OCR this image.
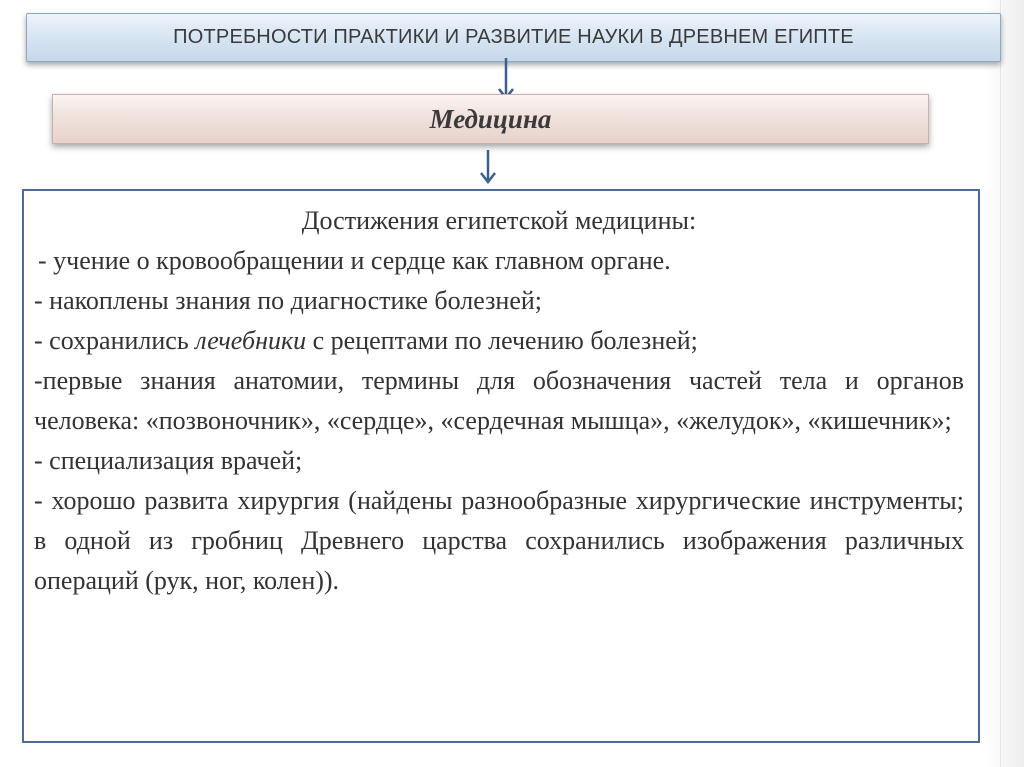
ПОТРЕБНОСТИ ПРАКТИКИ И РАЗВИТИЕ НАУКИ В ДРЕВНЕМ ЕГИПТЕ
Медицина
Достижения египетской медицины:
- учение о кровообращении и сердце как главном органе.
- накоплены знания по диагностике болезней;
- сохранились лечебники с рецептами по лечению болезней;
-первые знания анатомии, термины для обозначения частей тела и органов человека: «позвоночник», «сердце», «сердечная мышца», «желудок», «кишечник»;
- специализация врачей;
- хорошо развита хирургия (найдены разнообразные хирургические инструменты; в одной из гробниц Древнего царства сохранились изображения различных операций (рук, ног, колен)).
